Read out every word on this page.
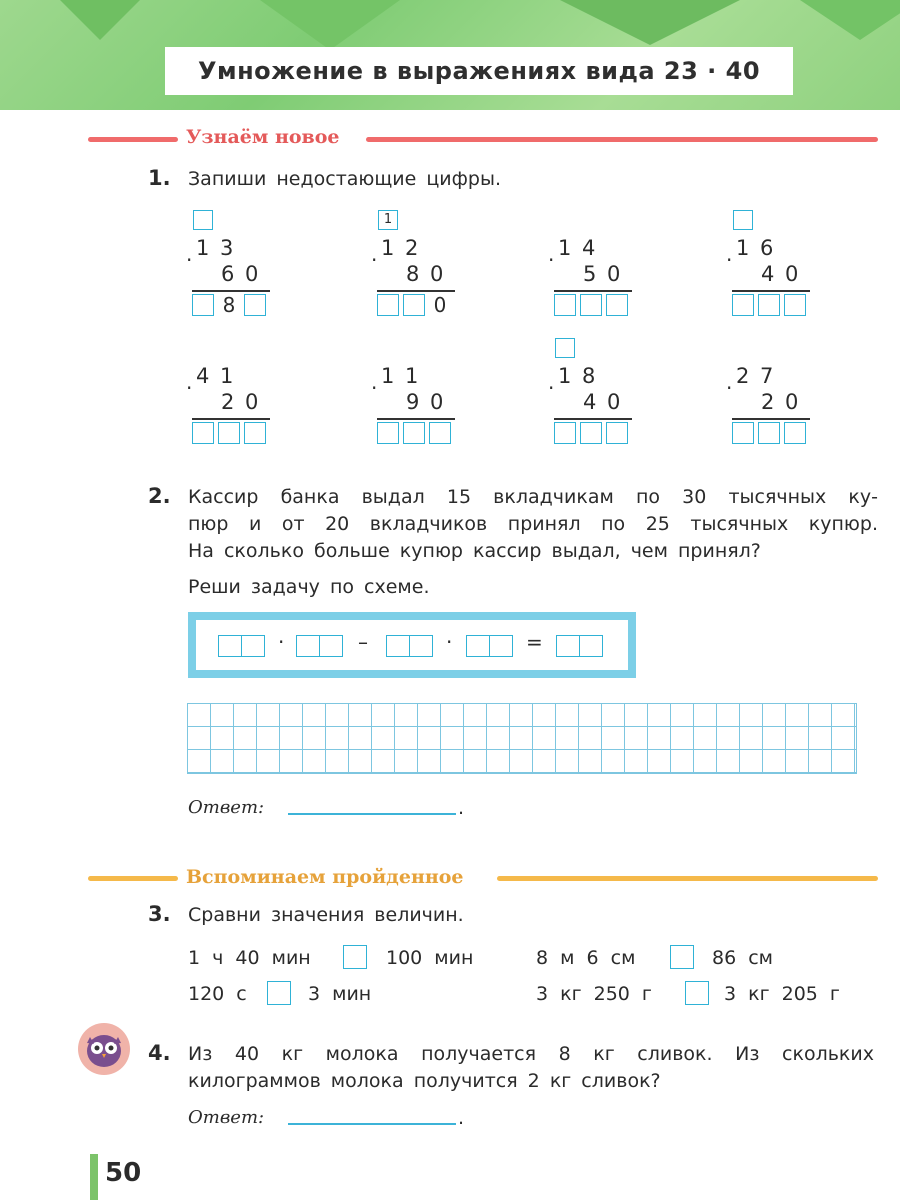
Умножение в выражениях вида 23 · 40
Узнаём новое
1. Запиши недостающие цифры.
· 1 3
6 0
8
1
· 1 2
8 0
0
· 1 4
5 0
· 1 6
4 0
· 4 1
2 0
· 1 1
9 0
· 1 8
4 0
· 2 7
2 0
2. Кассир банка выдал 15 вкладчикам по 30 тысячных ку-
пюр и от 20 вкладчиков принял по 25 тысячных купюр.
На сколько больше купюр кассир выдал, чем принял?
Реши задачу по схеме.
·	–	·	=
Ответ:	.
Вспоминаем пройденное
3. Сравни значения величин.
1 ч 40 мин	100 мин	8 м 6 см	86 см
120 с	3 мин	3 кг 250 г	3 кг 205 г
4. Из 40 кг молока получается 8 кг сливок. Из скольких
килограммов молока получится 2 кг сливок?
Ответ:	.
50
